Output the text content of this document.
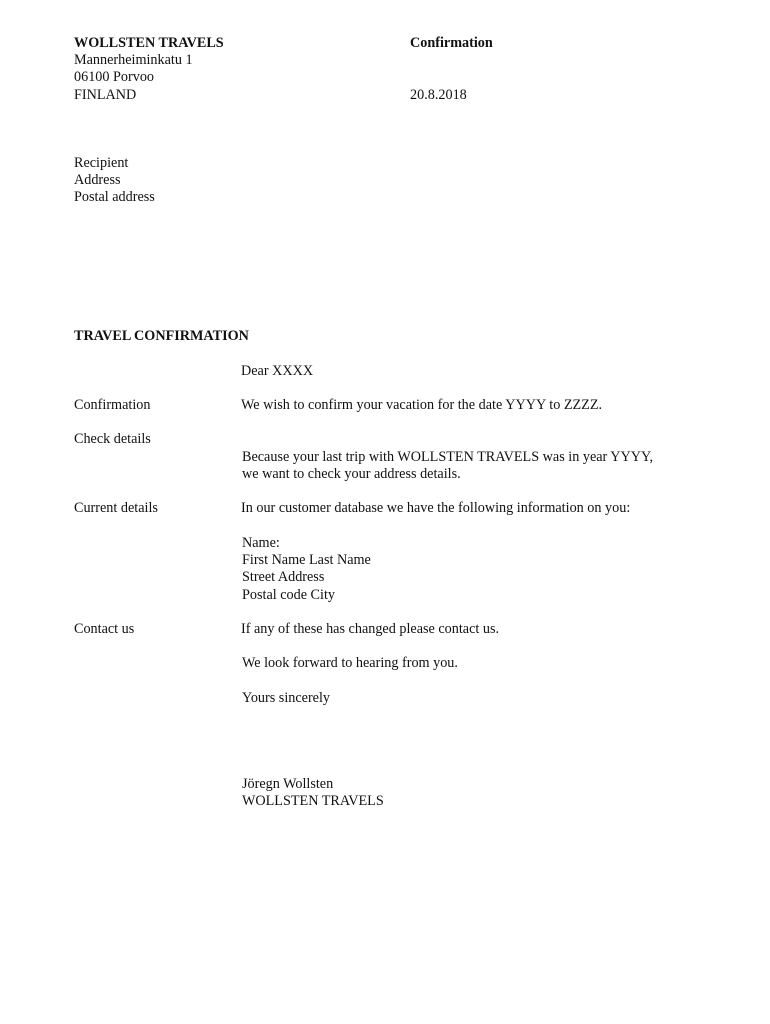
WOLLSTEN TRAVELS
Mannerheiminkatu 1
06100 Porvoo
FINLAND
Confirmation
20.8.2018
Recipient
Address
Postal address
TRAVEL CONFIRMATION
Dear XXXX
Confirmation	We wish to confirm your vacation for the date YYYY to ZZZZ.
Check details
Because your last trip with WOLLSTEN TRAVELS was in year YYYY,
we want to check your address details.
Current details	In our customer database we have the following information on you:
Name:
First Name Last Name
Street Address
Postal code City
Contact us	If any of these has changed please contact us.
We look forward to hearing from you.
Yours sincerely
Jöregn Wollsten
WOLLSTEN TRAVELS
